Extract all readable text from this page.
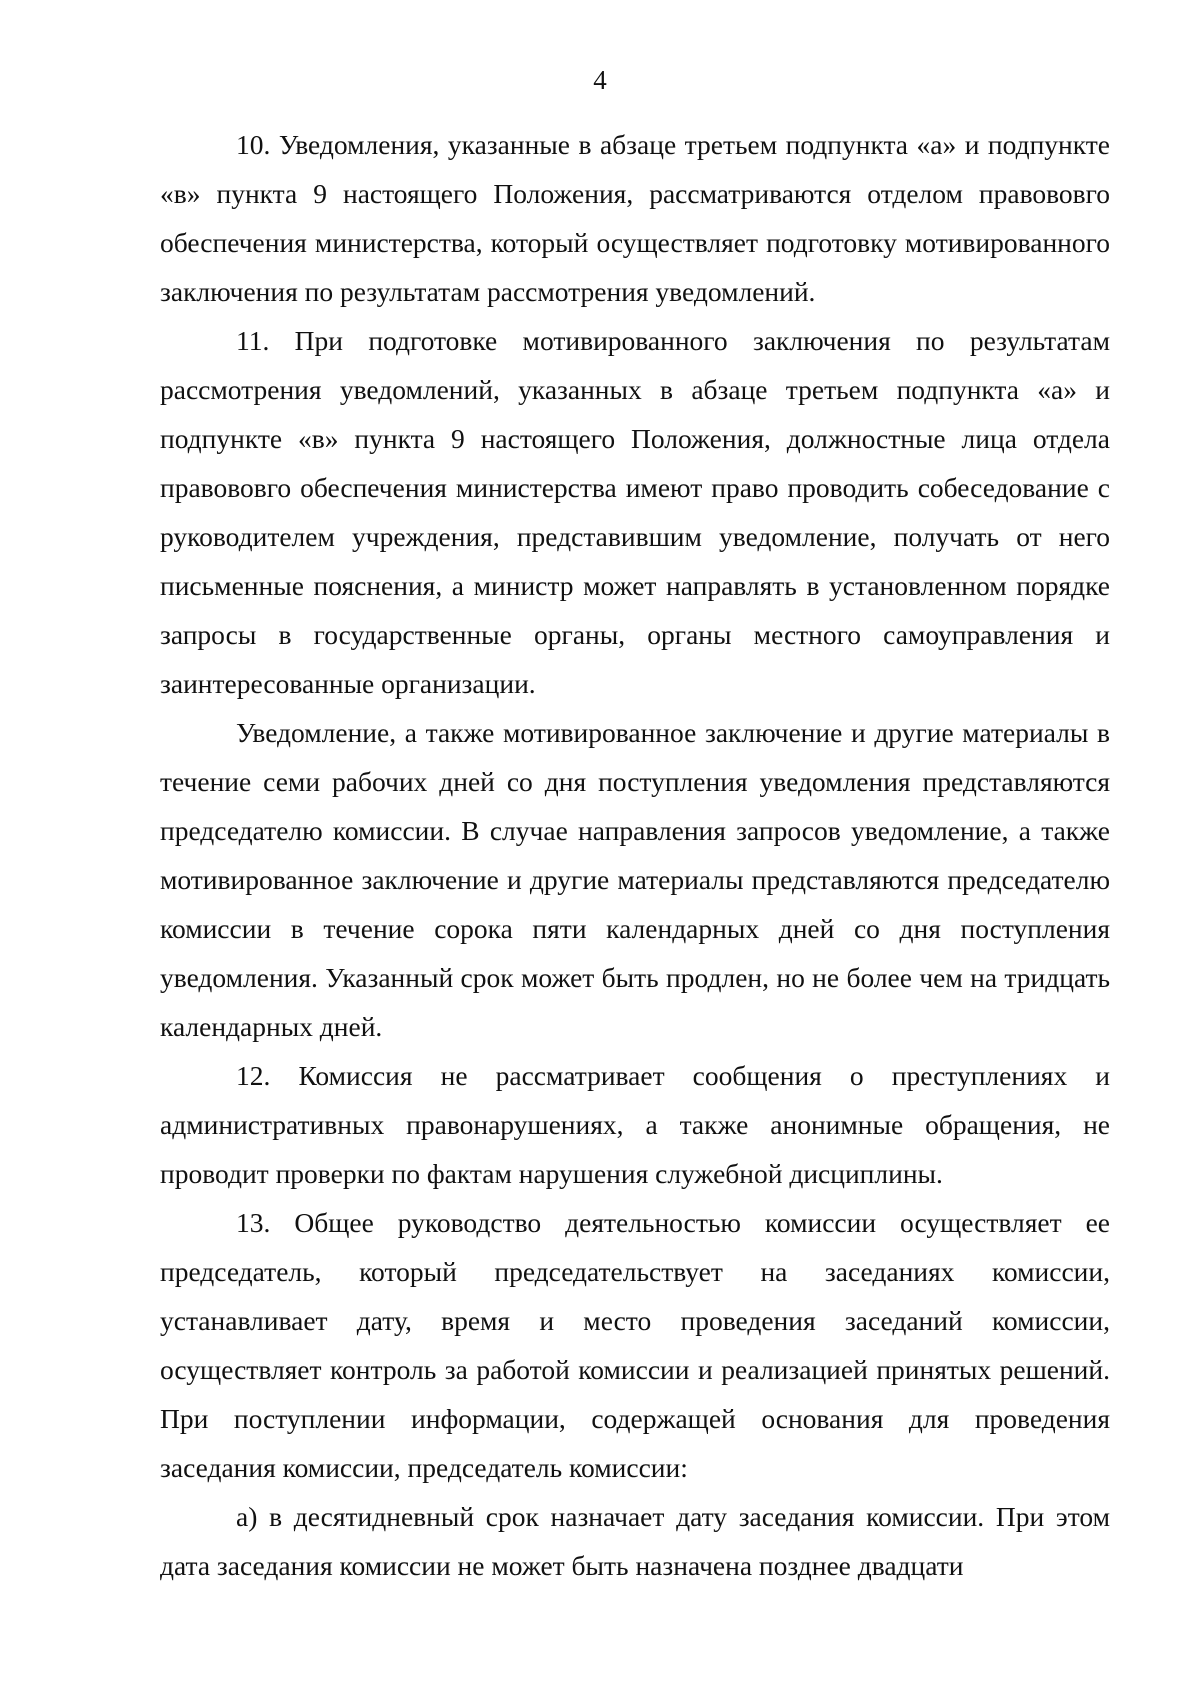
4

10. Уведомления, указанные в абзаце третьем подпункта «а» и подпункте «в» пункта 9 настоящего Положения, рассматриваются отделом правововго обеспечения министерства, который осуществляет подготовку мотивированного заключения по результатам рассмотрения уведомлений.

11. При подготовке мотивированного заключения по результатам рассмотрения уведомлений, указанных в абзаце третьем подпункта «а» и подпункте «в» пункта 9 настоящего Положения, должностные лица отдела правововго обеспечения министерства имеют право проводить собеседование с руководителем учреждения, представившим уведомление, получать от него письменные пояснения, а министр может направлять в установленном порядке запросы в государственные органы, органы местного самоуправления и заинтересованные организации.

Уведомление, а также мотивированное заключение и другие материалы в течение семи рабочих дней со дня поступления уведомления представляются председателю комиссии. В случае направления запросов уведомление, а также мотивированное заключение и другие материалы представляются председателю комиссии в течение сорока пяти календарных дней со дня поступления уведомления. Указанный срок может быть продлен, но не более чем на тридцать календарных дней.

12. Комиссия не рассматривает сообщения о преступлениях и административных правонарушениях, а также анонимные обращения, не проводит проверки по фактам нарушения служебной дисциплины.

13. Общее руководство деятельностью комиссии осуществляет ее председатель, который председательствует на заседаниях комиссии, устанавливает дату, время и место проведения заседаний комиссии, осуществляет контроль за работой комиссии и реализацией принятых решений. При поступлении информации, содержащей основания для проведения заседания комиссии, председатель комиссии:

а) в десятидневный срок назначает дату заседания комиссии. При этом дата заседания комиссии не может быть назначена позднее двадцати
